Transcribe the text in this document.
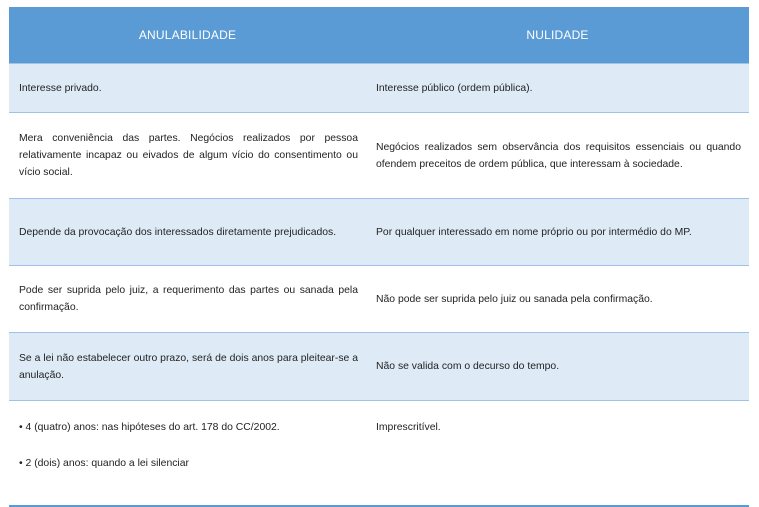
ANULABILIDADE	NULIDADE
Interesse privado.	Interesse público (ordem pública).
Mera conveniência das partes. Negócios realizados por pessoa relativamente incapaz ou eivados de algum vício do consentimento ou vício social.	Negócios realizados sem observância dos requisitos essenciais ou quando ofendem preceitos de ordem pública, que interessam à sociedade.
Depende da provocação dos interessados diretamente prejudicados.	Por qualquer interessado em nome próprio ou por intermédio do MP.
Pode ser suprida pelo juiz, a requerimento das partes ou sanada pela confirmação.	Não pode ser suprida pelo juiz ou sanada pela confirmação.
Se a lei não estabelecer outro prazo, será de dois anos para pleitear-se a anulação.	Não se valida com o decurso do tempo.

• 4 (quatro) anos: nas hipóteses do art. 178 do CC/2002.
• 2 (dois) anos: quando a lei silenciar	Imprescritível.
